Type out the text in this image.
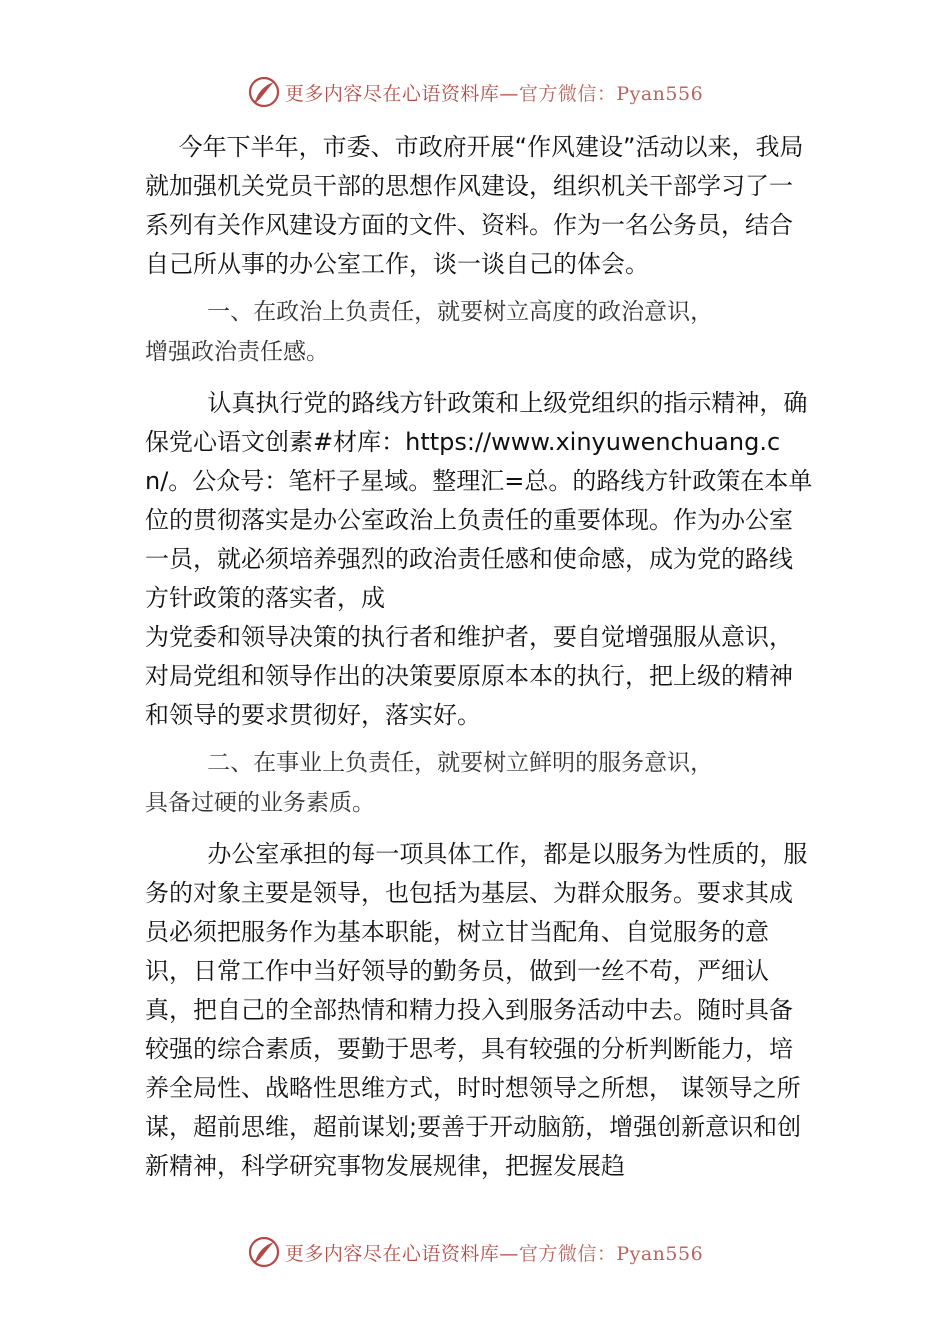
更多内容尽在心语资料库—官方微信：Pyan556

今年下半年，市委、市政府开展“作风建设”活动以来，我局就加强机关党员干部的思想作风建设，组织机关干部学习了一系列有关作风建设方面的文件、资料。作为一名公务员，结合自己所从事的办公室工作，谈一谈自己的体会。

一、在政治上负责任，就要树立高度的政治意识，
增强政治责任感。

认真执行党的路线方针政策和上级党组织的指示精神，确保党心语文创素#材库：https://www.xinyuwenchuang.cn/。公众号：笔杆子星域。整理汇=总。的路线方针政策在本单位的贯彻落实是办公室政治上负责任的重要体现。作为办公室一员，就必须培养强烈的政治责任感和使命感，成为党的路线方针政策的落实者，成

为党委和领导决策的执行者和维护者，要自觉增强服从意识，对局党组和领导作出的决策要原原本本的执行，把上级的精神和领导的要求贯彻好，落实好。

二、在事业上负责任，就要树立鲜明的服务意识，
具备过硬的业务素质。

办公室承担的每一项具体工作，都是以服务为性质的，服务的对象主要是领导，也包括为基层、为群众服务。要求其成员必须把服务作为基本职能，树立甘当配角、自觉服务的意识，日常工作中当好领导的勤务员，做到一丝不苟，严细认真，把自己的全部热情和精力投入到服务活动中去。随时具备较强的综合素质，要勤于思考，具有较强的分析判断能力，培养全局性、战略性思维方式，时时想领导之所想， 谋领导之所谋，超前思维，超前谋划;要善于开动脑筋，增强创新意识和创新精神，科学研究事物发展规律，把握发展趋

更多内容尽在心语资料库—官方微信：Pyan556
